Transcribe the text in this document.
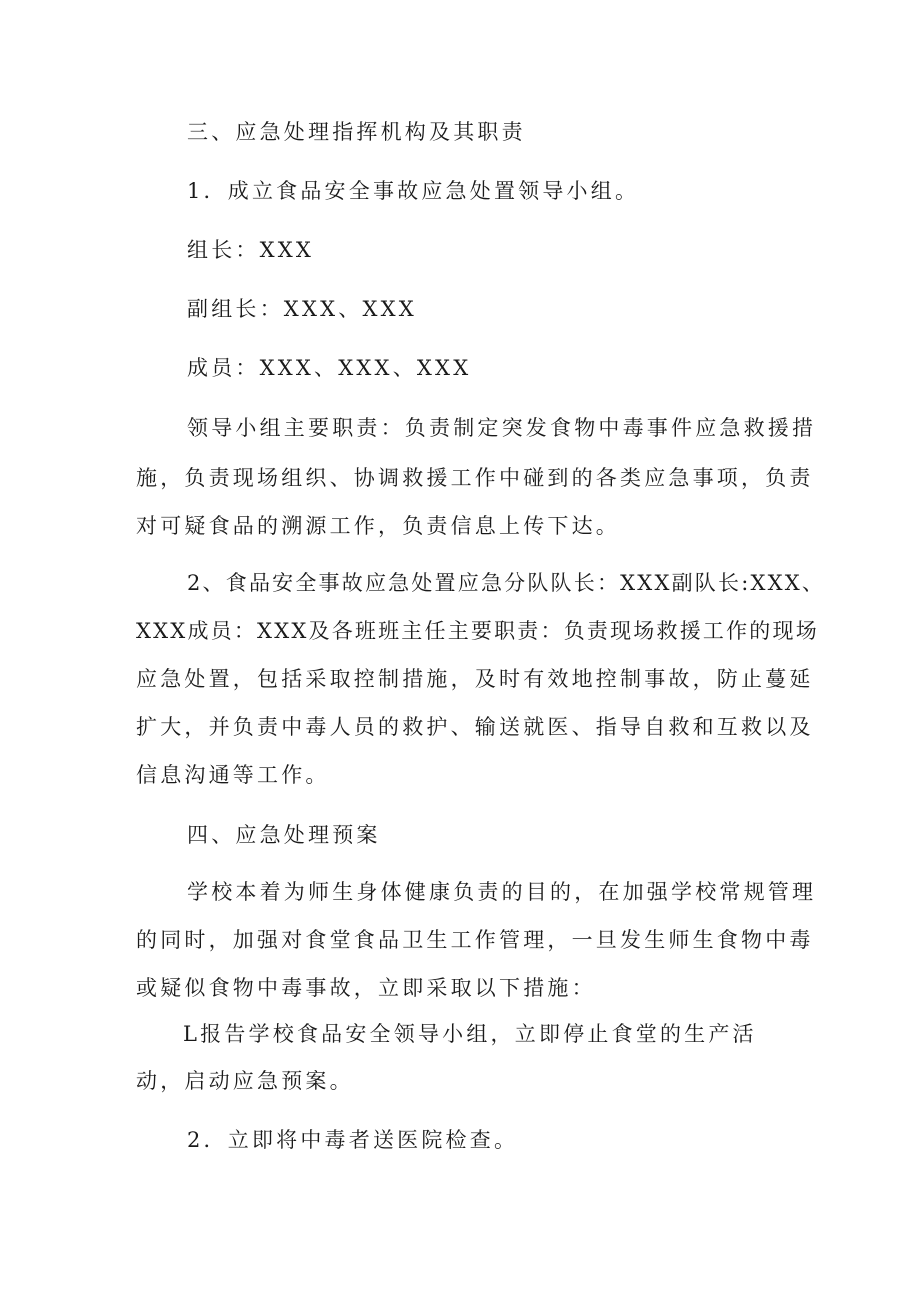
三、应急处理指挥机构及其职责
1．成立食品安全事故应急处置领导小组。
组长：XXX
副组长：XXX、XXX
成员：XXX、XXX、XXX
领导小组主要职责：负责制定突发食物中毒事件应急救援措
施，负责现场组织、协调救援工作中碰到的各类应急事项，负责
对可疑食品的溯源工作，负责信息上传下达。
2、食品安全事故应急处置应急分队队长：XXX副队长:XXX、
XXX成员：XXX及各班班主任主要职责：负责现场救援工作的现场
应急处置，包括采取控制措施，及时有效地控制事故，防止蔓延
扩大，并负责中毒人员的救护、输送就医、指导自救和互救以及
信息沟通等工作。
四、应急处理预案
学校本着为师生身体健康负责的目的，在加强学校常规管理
的同时，加强对食堂食品卫生工作管理，一旦发生师生食物中毒
或疑似食物中毒事故，立即采取以下措施：
L报告学校食品安全领导小组，立即停止食堂的生产活
动，启动应急预案。
2．立即将中毒者送医院检查。
